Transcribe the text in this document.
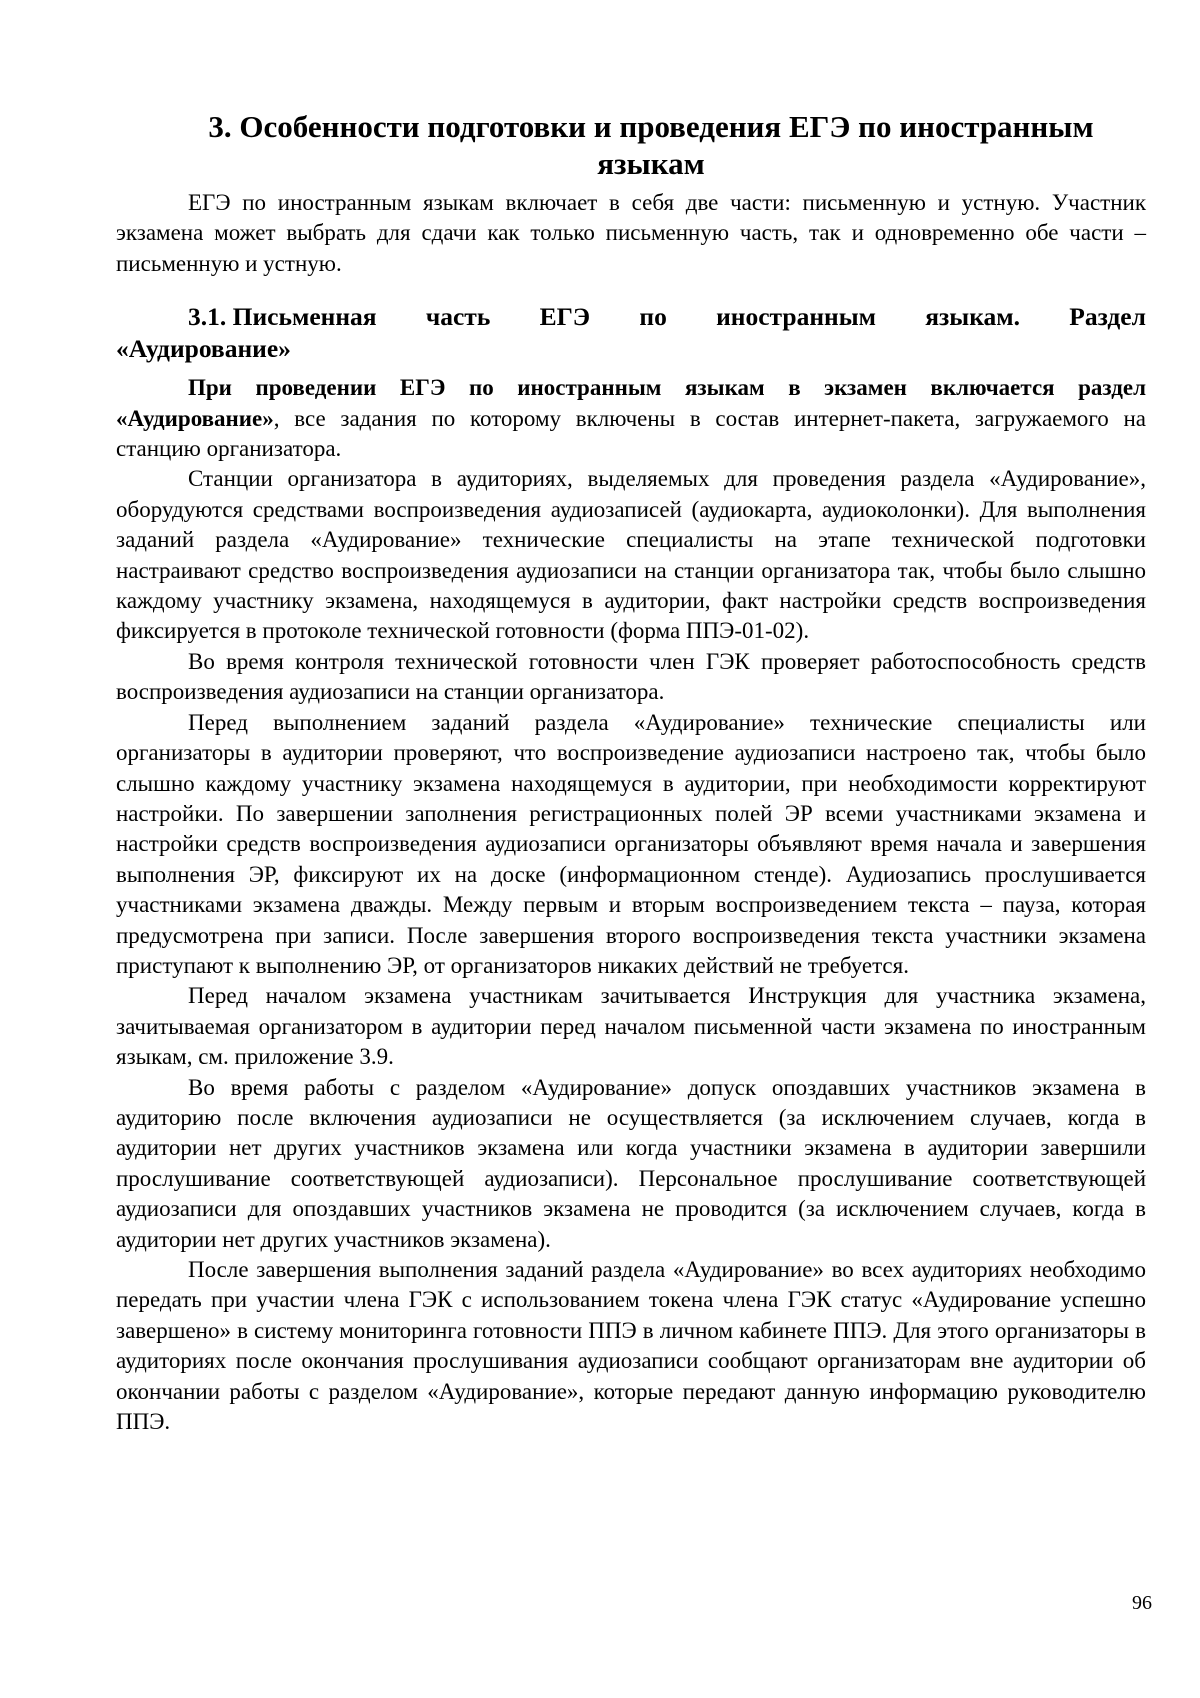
3. Особенности подготовки и проведения ЕГЭ по иностранным языкам

ЕГЭ по иностранным языкам включает в себя две части: письменную и устную. Участник экзамена может выбрать для сдачи как только письменную часть, так и одновременно обе части – письменную и устную.

3.1. Письменная часть ЕГЭ по иностранным языкам. Раздел
«Аудирование»

При проведении ЕГЭ по иностранным языкам в экзамен включается раздел «Аудирование», все задания по которому включены в состав интернет-пакета, загружаемого на станцию организатора.

Станции организатора в аудиториях, выделяемых для проведения раздела «Аудирование», оборудуются средствами воспроизведения аудиозаписей (аудиокарта, аудиоколонки). Для выполнения заданий раздела «Аудирование» технические специалисты на этапе технической подготовки настраивают средство воспроизведения аудиозаписи на станции организатора так, чтобы было слышно каждому участнику экзамена, находящемуся в аудитории, факт настройки средств воспроизведения фиксируется в протоколе технической готовности (форма ППЭ-01-02).

Во время контроля технической готовности член ГЭК проверяет работоспособность средств воспроизведения аудиозаписи на станции организатора.

Перед выполнением заданий раздела «Аудирование» технические специалисты или организаторы в аудитории проверяют, что воспроизведение аудиозаписи настроено так, чтобы было слышно каждому участнику экзамена находящемуся в аудитории, при необходимости корректируют настройки. По завершении заполнения регистрационных полей ЭР всеми участниками экзамена и настройки средств воспроизведения аудиозаписи организаторы объявляют время начала и завершения выполнения ЭР, фиксируют их на доске (информационном стенде). Аудиозапись прослушивается участниками экзамена дважды. Между первым и вторым воспроизведением текста – пауза, которая предусмотрена при записи. После завершения второго воспроизведения текста участники экзамена приступают к выполнению ЭР, от организаторов никаких действий не требуется.

Перед началом экзамена участникам зачитывается Инструкция для участника экзамена, зачитываемая организатором в аудитории перед началом письменной части экзамена по иностранным языкам, см. приложение 3.9.

Во время работы с разделом «Аудирование» допуск опоздавших участников экзамена в аудиторию после включения аудиозаписи не осуществляется (за исключением случаев, когда в аудитории нет других участников экзамена или когда участники экзамена в аудитории завершили прослушивание соответствующей аудиозаписи). Персональное прослушивание соответствующей аудиозаписи для опоздавших участников экзамена не проводится (за исключением случаев, когда в аудитории нет других участников экзамена).

После завершения выполнения заданий раздела «Аудирование» во всех аудиториях необходимо передать при участии члена ГЭК с использованием токена члена ГЭК статус «Аудирование успешно завершено» в систему мониторинга готовности ППЭ в личном кабинете ППЭ. Для этого организаторы в аудиториях после окончания прослушивания аудиозаписи сообщают организаторам вне аудитории об окончании работы с разделом «Аудирование», которые передают данную информацию руководителю ППЭ.

96
